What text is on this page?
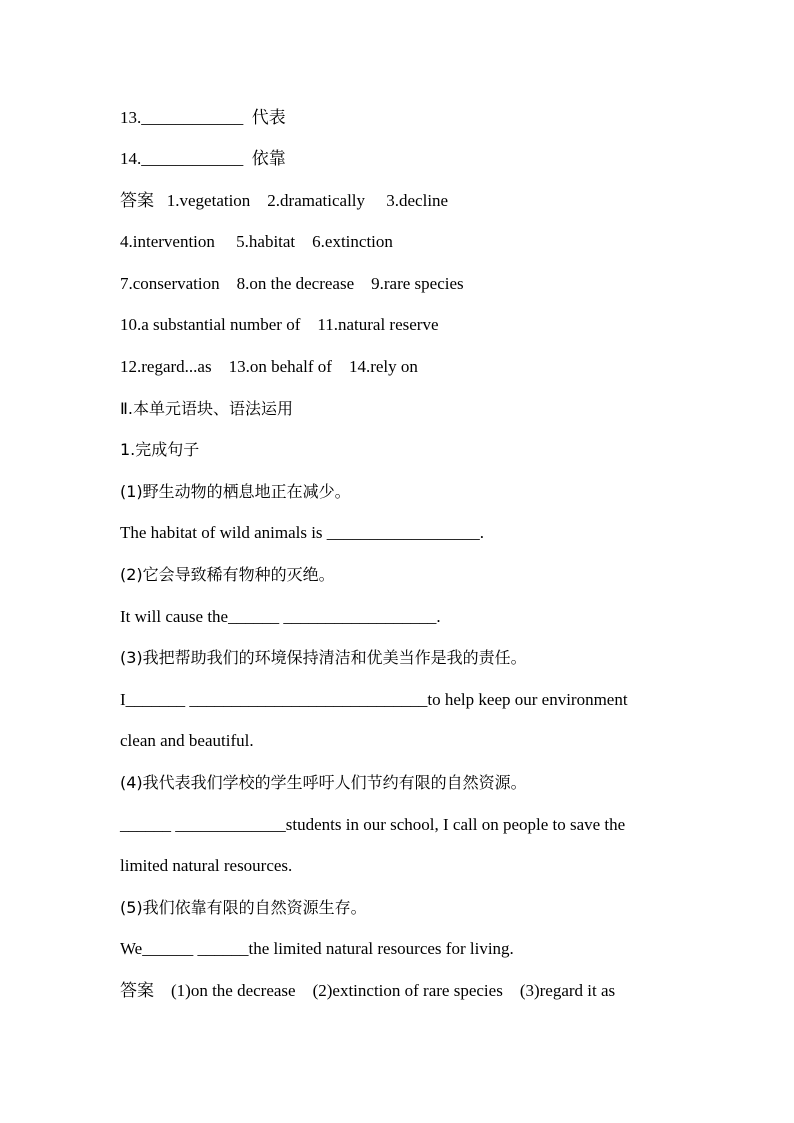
13.____________  代表
14.____________  依靠
答案   1.vegetation    2.dramatically     3.decline
4.intervention     5.habitat    6.extinction
7.conservation    8.on the decrease    9.rare species
10.a substantial number of    11.natural reserve
12.regard...as    13.on behalf of    14.rely on
Ⅱ.本单元语块、语法运用
1.完成句子
(1)野生动物的栖息地正在减少。
The habitat of wild animals is __________________.
(2)它会导致稀有物种的灭绝。
It will cause the______ __________________.
(3)我把帮助我们的环境保持清洁和优美当作是我的责任。
I_______ ____________________________to help keep our environment
clean and beautiful.
(4)我代表我们学校的学生呼吁人们节约有限的自然资源。
______ _____________students in our school, I call on people to save the
limited natural resources.
(5)我们依靠有限的自然资源生存。
We______ ______the limited natural resources for living.
答案    (1)on the decrease    (2)extinction of rare species    (3)regard it as
